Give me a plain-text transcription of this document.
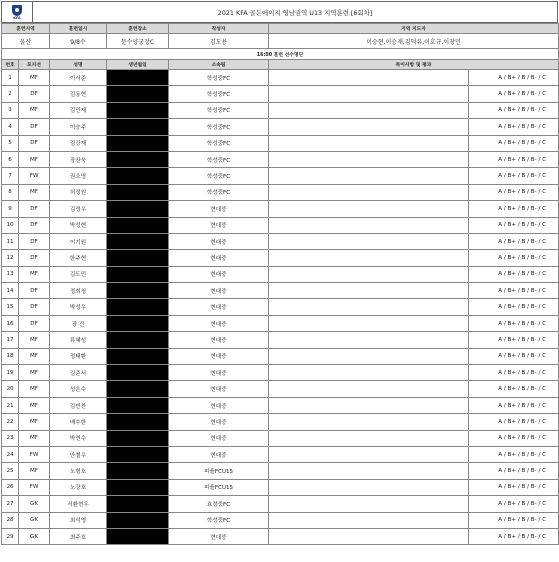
KFA
2021 KFA 골든에이지 영남권역 U13 지역훈련 [6회차]
훈련지역		훈련일시	훈련장소	작성자	지역 지도자	
울산		9/8수	문수양궁장C	김도용	이승현,이승재,김덕유,이호규,이창민	
16:00 훈련 선수명단						
번호	포지션	성명	생년월일	소속팀	특이사항 및 평과	
1	MF	이서준		학성중FC		A / B+ / B / B- / C
2	DF	김동현		학성중FC		A / B+ / B / B- / C
3	MF	김민재		학성중FC		A / B+ / B / B- / C
4	DF	이승주		학성중FC		A / B+ / B / B- / C
5	DF	김강재		학성중FC		A / B+ / B / B- / C
6	MF	장찬욱		학성중FC		A / B+ / B / B- / C
7	FW	권소명		학성중FC		A / B+ / B / B- / C
8	MF	허정원		학성중FC		A / B+ / B / B- / C
9	DF	김정우		현대중		A / B+ / B / B- / C
10	DF	박성현		현대중		A / B+ / B / B- / C
11	DF	이기원		현대중		A / B+ / B / B- / C
12	DF	한주현		현대중		A / B+ / B / B- / C
13	MF	김도민		현대중		A / B+ / B / B- / C
14	DF	정희청		현대중		A / B+ / B / B- / C
15	DF	박성우		현대중		A / B+ / B / B- / C
16	DF	장 건		현대중		A / B+ / B / B- / C
17	MF	류혜성		현대중		A / B+ / B / B- / C
18	MF	정태환		현대중		A / B+ / B / B- / C
19	MF	김준서		현대중		A / B+ / B / B- / C
20	MF	성은수		현대중		A / B+ / B / B- / C
21	MF	김빈찬		현대중		A / B+ / B / B- / C
22	MF	배수한		현대중		A / B+ / B / B- / C
23	MF	박현수		현대중		A / B+ / B / B- / C
24	FW	안철우		현대중		A / B+ / B / B- / C
25	MF	노형호		피플FCU15		A / B+ / B / B- / C
26	FW	노강호		피플FCU15		A / B+ / B / B- / C
27	GK	서환현우		효정중FC		A / B+ / B / B- / C
28	GK	최석영		학성중FC		A / B+ / B / B- / C
29	GK	최주호		현대중		A / B+ / B / B- / C
